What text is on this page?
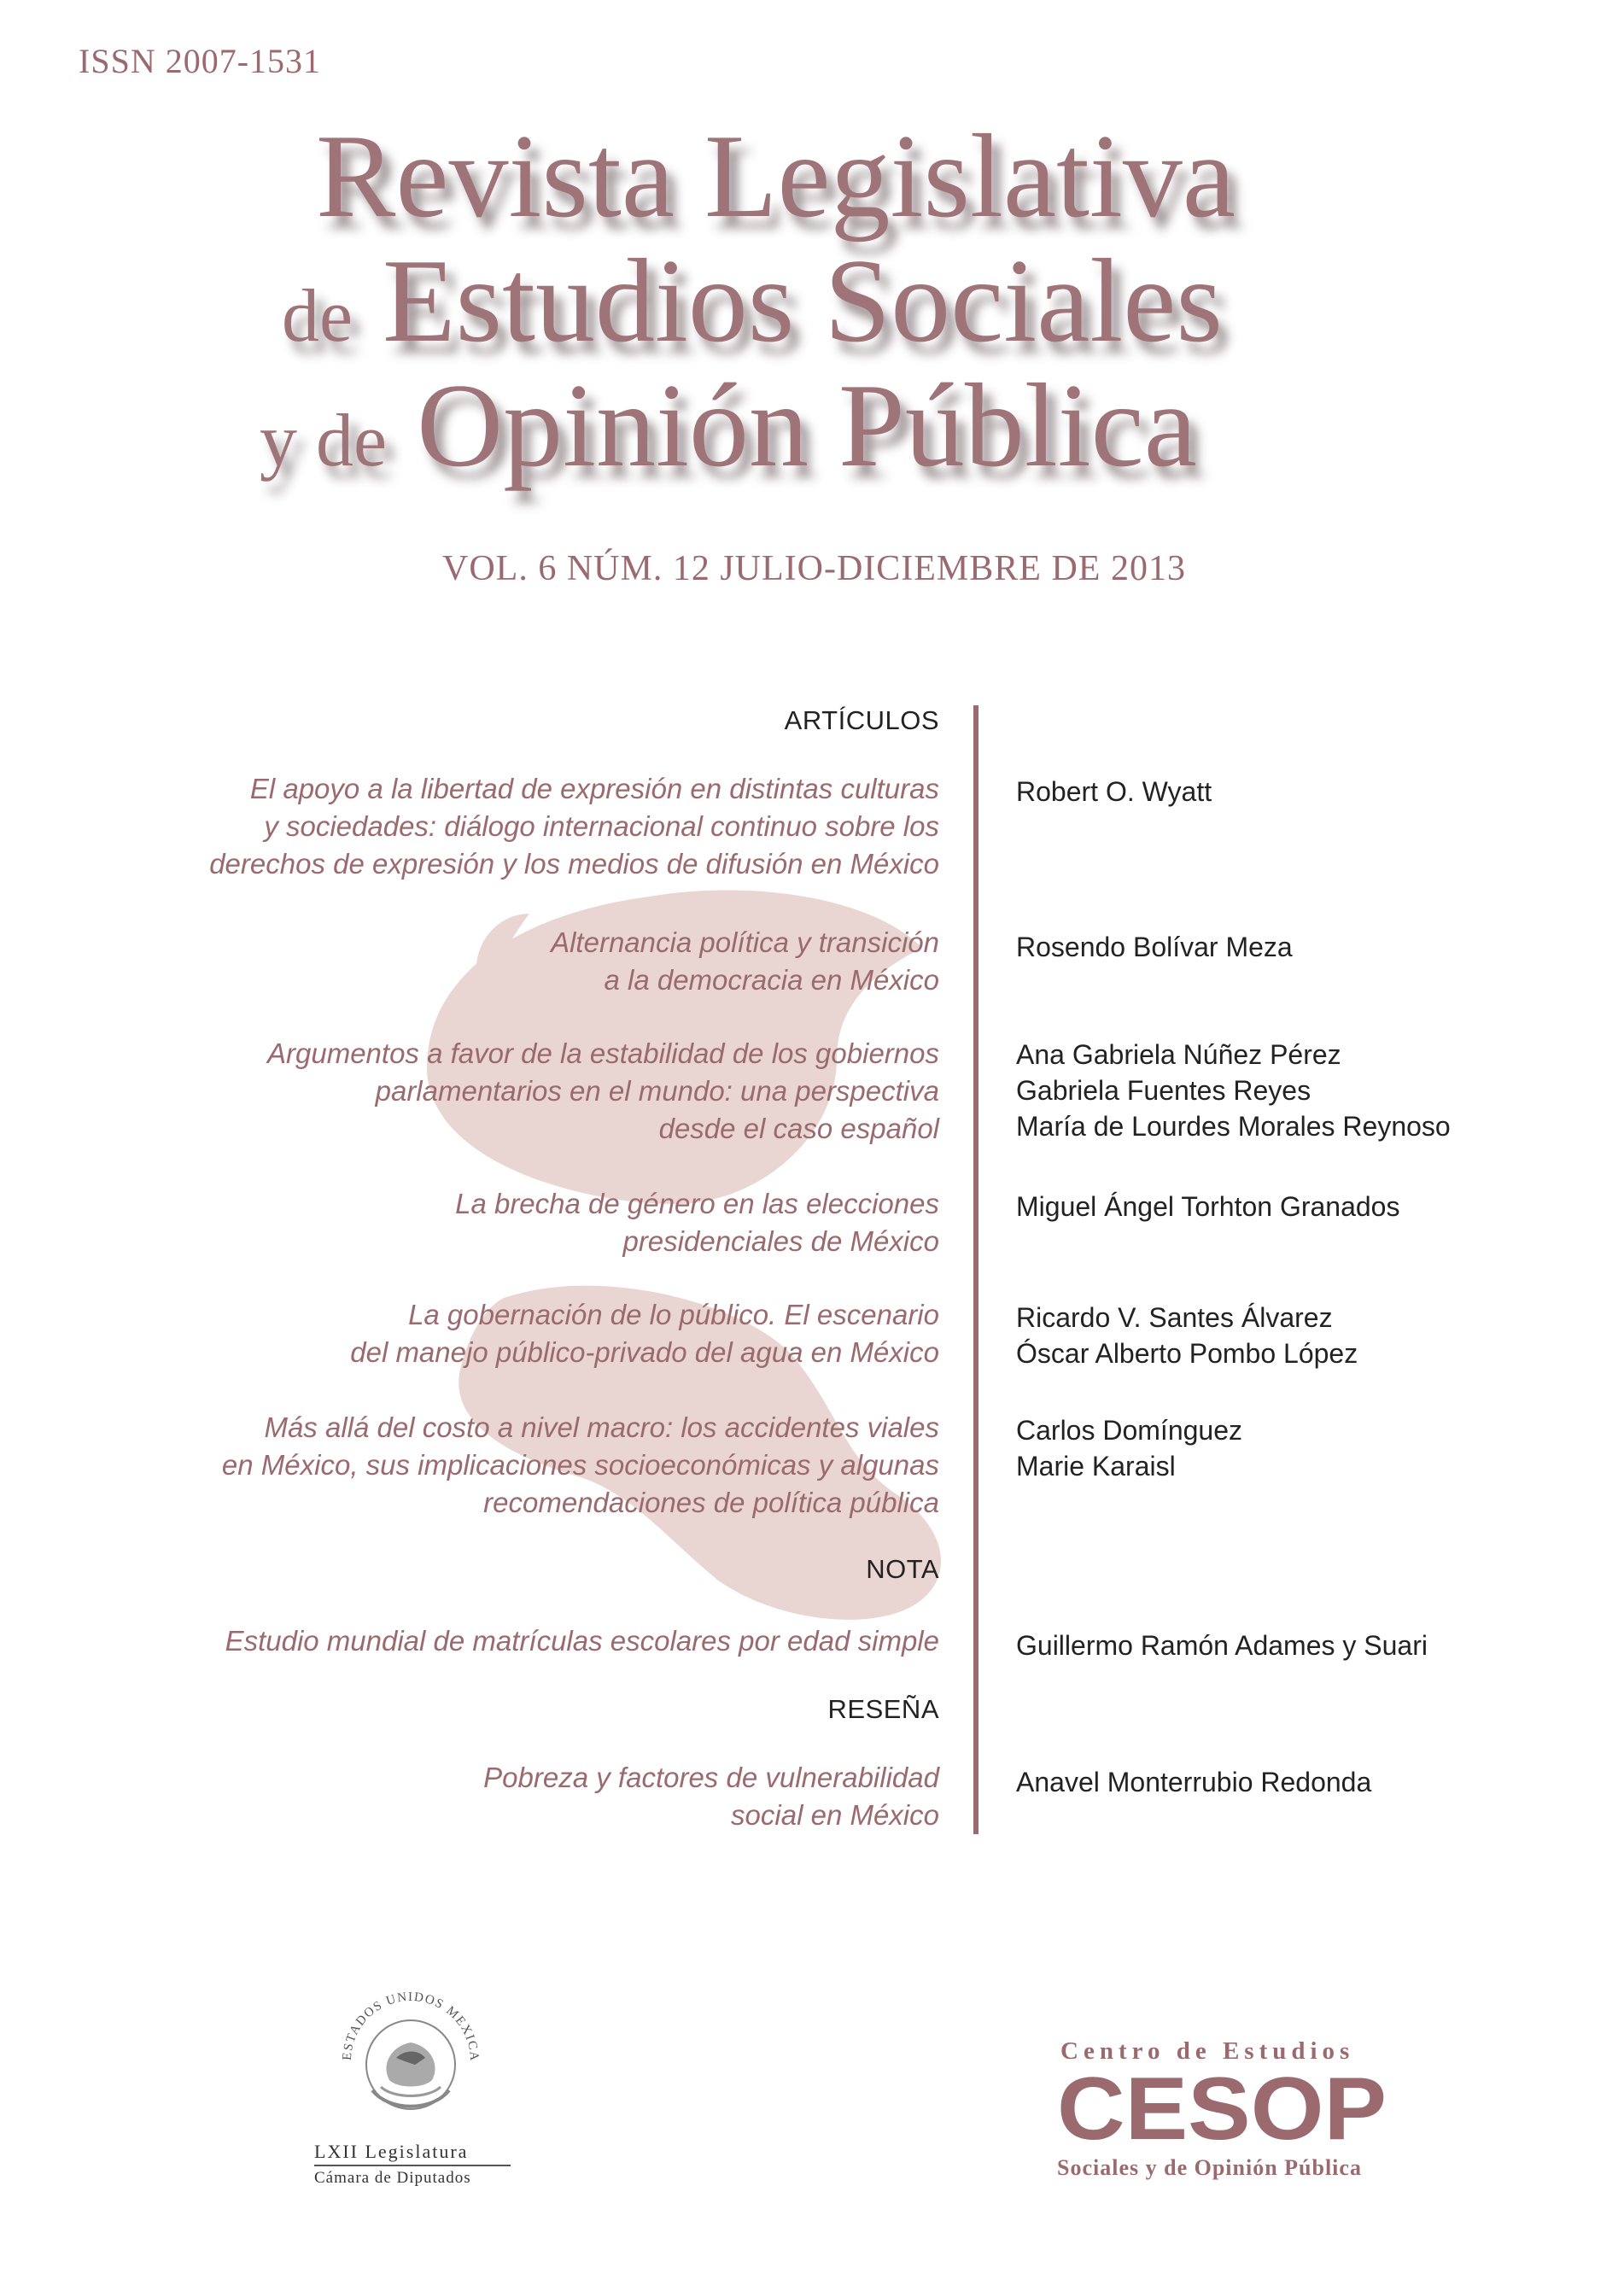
ISSN 2007-1531
Revista Legislativa
de Estudios Sociales
y de Opinión Pública
VOL. 6 NÚM. 12 JULIO-DICIEMBRE DE 2013
ARTÍCULOS
El apoyo a la libertad de expresión en distintas culturas
y sociedades: diálogo internacional continuo sobre los
derechos de expresión y los medios de difusión en México
Robert O. Wyatt
Alternancia política y transición
a la democracia en México
Rosendo Bolívar Meza
Argumentos a favor de la estabilidad de los gobiernos
parlamentarios en el mundo: una perspectiva
desde el caso español
Ana Gabriela Núñez Pérez
Gabriela Fuentes Reyes
María de Lourdes Morales Reynoso
La brecha de género en las elecciones
presidenciales de México
Miguel Ángel Torhton Granados
La gobernación de lo público. El escenario
del manejo público-privado del agua en México
Ricardo V. Santes Álvarez
Óscar Alberto Pombo López
Más allá del costo a nivel macro: los accidentes viales
en México, sus implicaciones socioeconómicas y algunas
recomendaciones de política pública
Carlos Domínguez
Marie Karaisl
NOTA
Estudio mundial de matrículas escolares por edad simple	Guillermo Ramón Adames y Suari
RESEÑA
Pobreza y factores de vulnerabilidad
social en México
Anavel Monterrubio Redonda
ESTADOS UNIDOS MEXICA
LXII Legislatura
Cámara de Diputados
Centro de Estudios
CESOP
Sociales y de Opinión Pública
